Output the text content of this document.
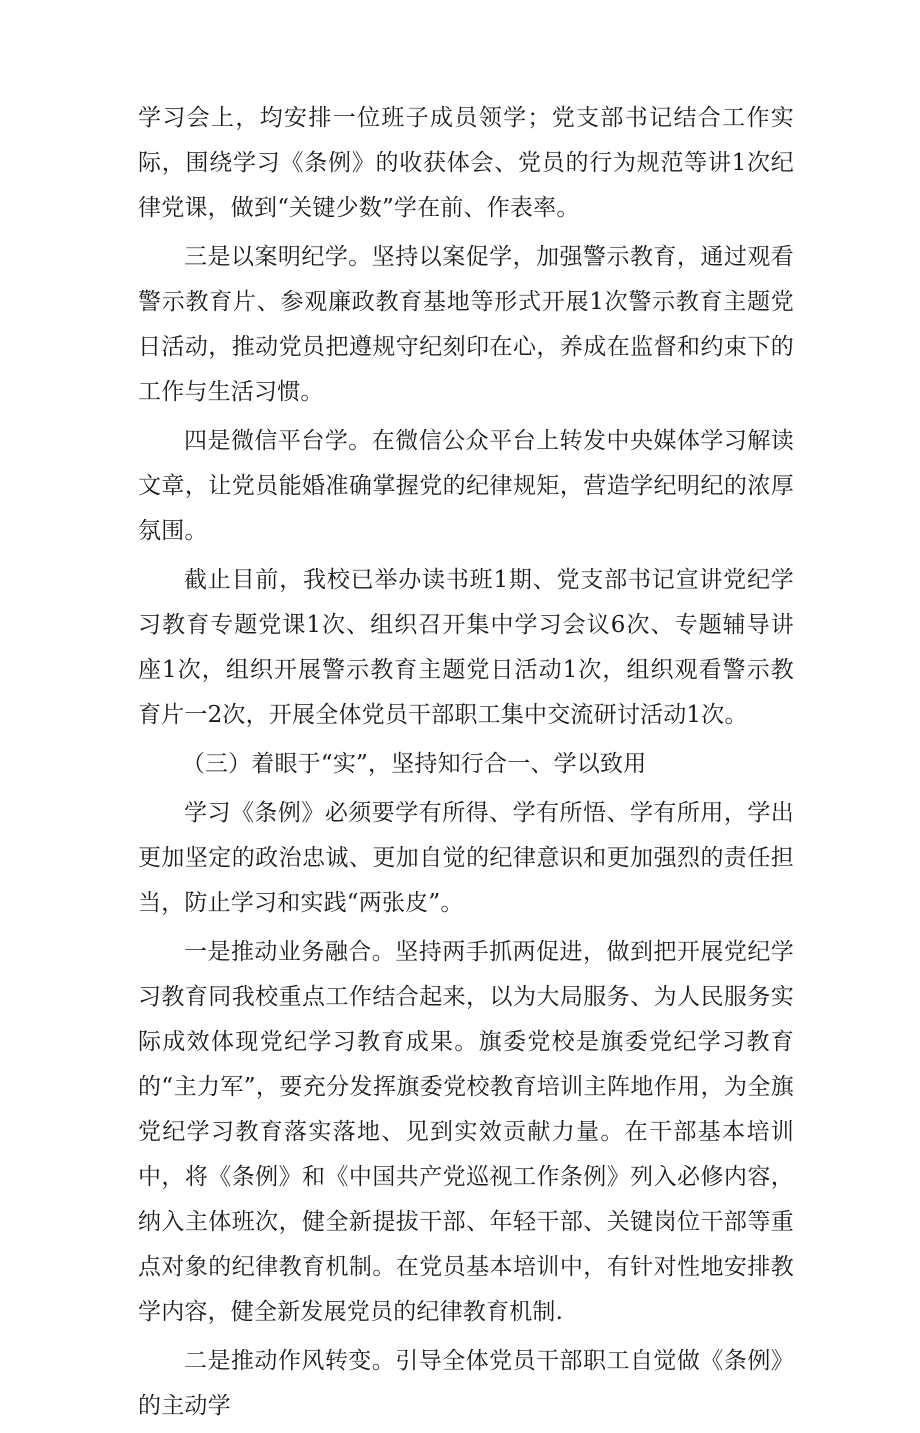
学习会上，均安排一位班子成员领学；党支部书记结合工作实际，围绕学习《条例》的收获体会、党员的行为规范等讲1次纪律党课，做到“关键少数”学在前、作表率。

三是以案明纪学。坚持以案促学，加强警示教育，通过观看警示教育片、参观廉政教育基地等形式开展1次警示教育主题党日活动，推动党员把遵规守纪刻印在心，养成在监督和约束下的工作与生活习惯。

四是微信平台学。在微信公众平台上转发中央媒体学习解读文章，让党员能婚准确掌握党的纪律规矩，营造学纪明纪的浓厚氛围。

截止目前，我校已举办读书班1期、党支部书记宣讲党纪学习教育专题党课1次、组织召开集中学习会议6次、专题辅导讲座1次，组织开展警示教育主题党日活动1次，组织观看警示教育片一2次，开展全体党员干部职工集中交流研讨活动1次。

（三）着眼于“实”，坚持知行合一、学以致用

学习《条例》必须要学有所得、学有所悟、学有所用，学出更加坚定的政治忠诚、更加自觉的纪律意识和更加强烈的责任担当，防止学习和实践“两张皮”。

一是推动业务融合。坚持两手抓两促进，做到把开展党纪学习教育同我校重点工作结合起来，以为大局服务、为人民服务实际成效体现党纪学习教育成果。旗委党校是旗委党纪学习教育的“主力军”，要充分发挥旗委党校教育培训主阵地作用，为全旗党纪学习教育落实落地、见到实效贡献力量。在干部基本培训中，将《条例》和《中国共产党巡视工作条例》列入必修内容，纳入主体班次，健全新提拔干部、年轻干部、关键岗位干部等重点对象的纪律教育机制。在党员基本培训中，有针对性地安排教学内容，健全新发展党员的纪律教育机制.

二是推动作风转变。引导全体党员干部职工自觉做《条例》的主动学
